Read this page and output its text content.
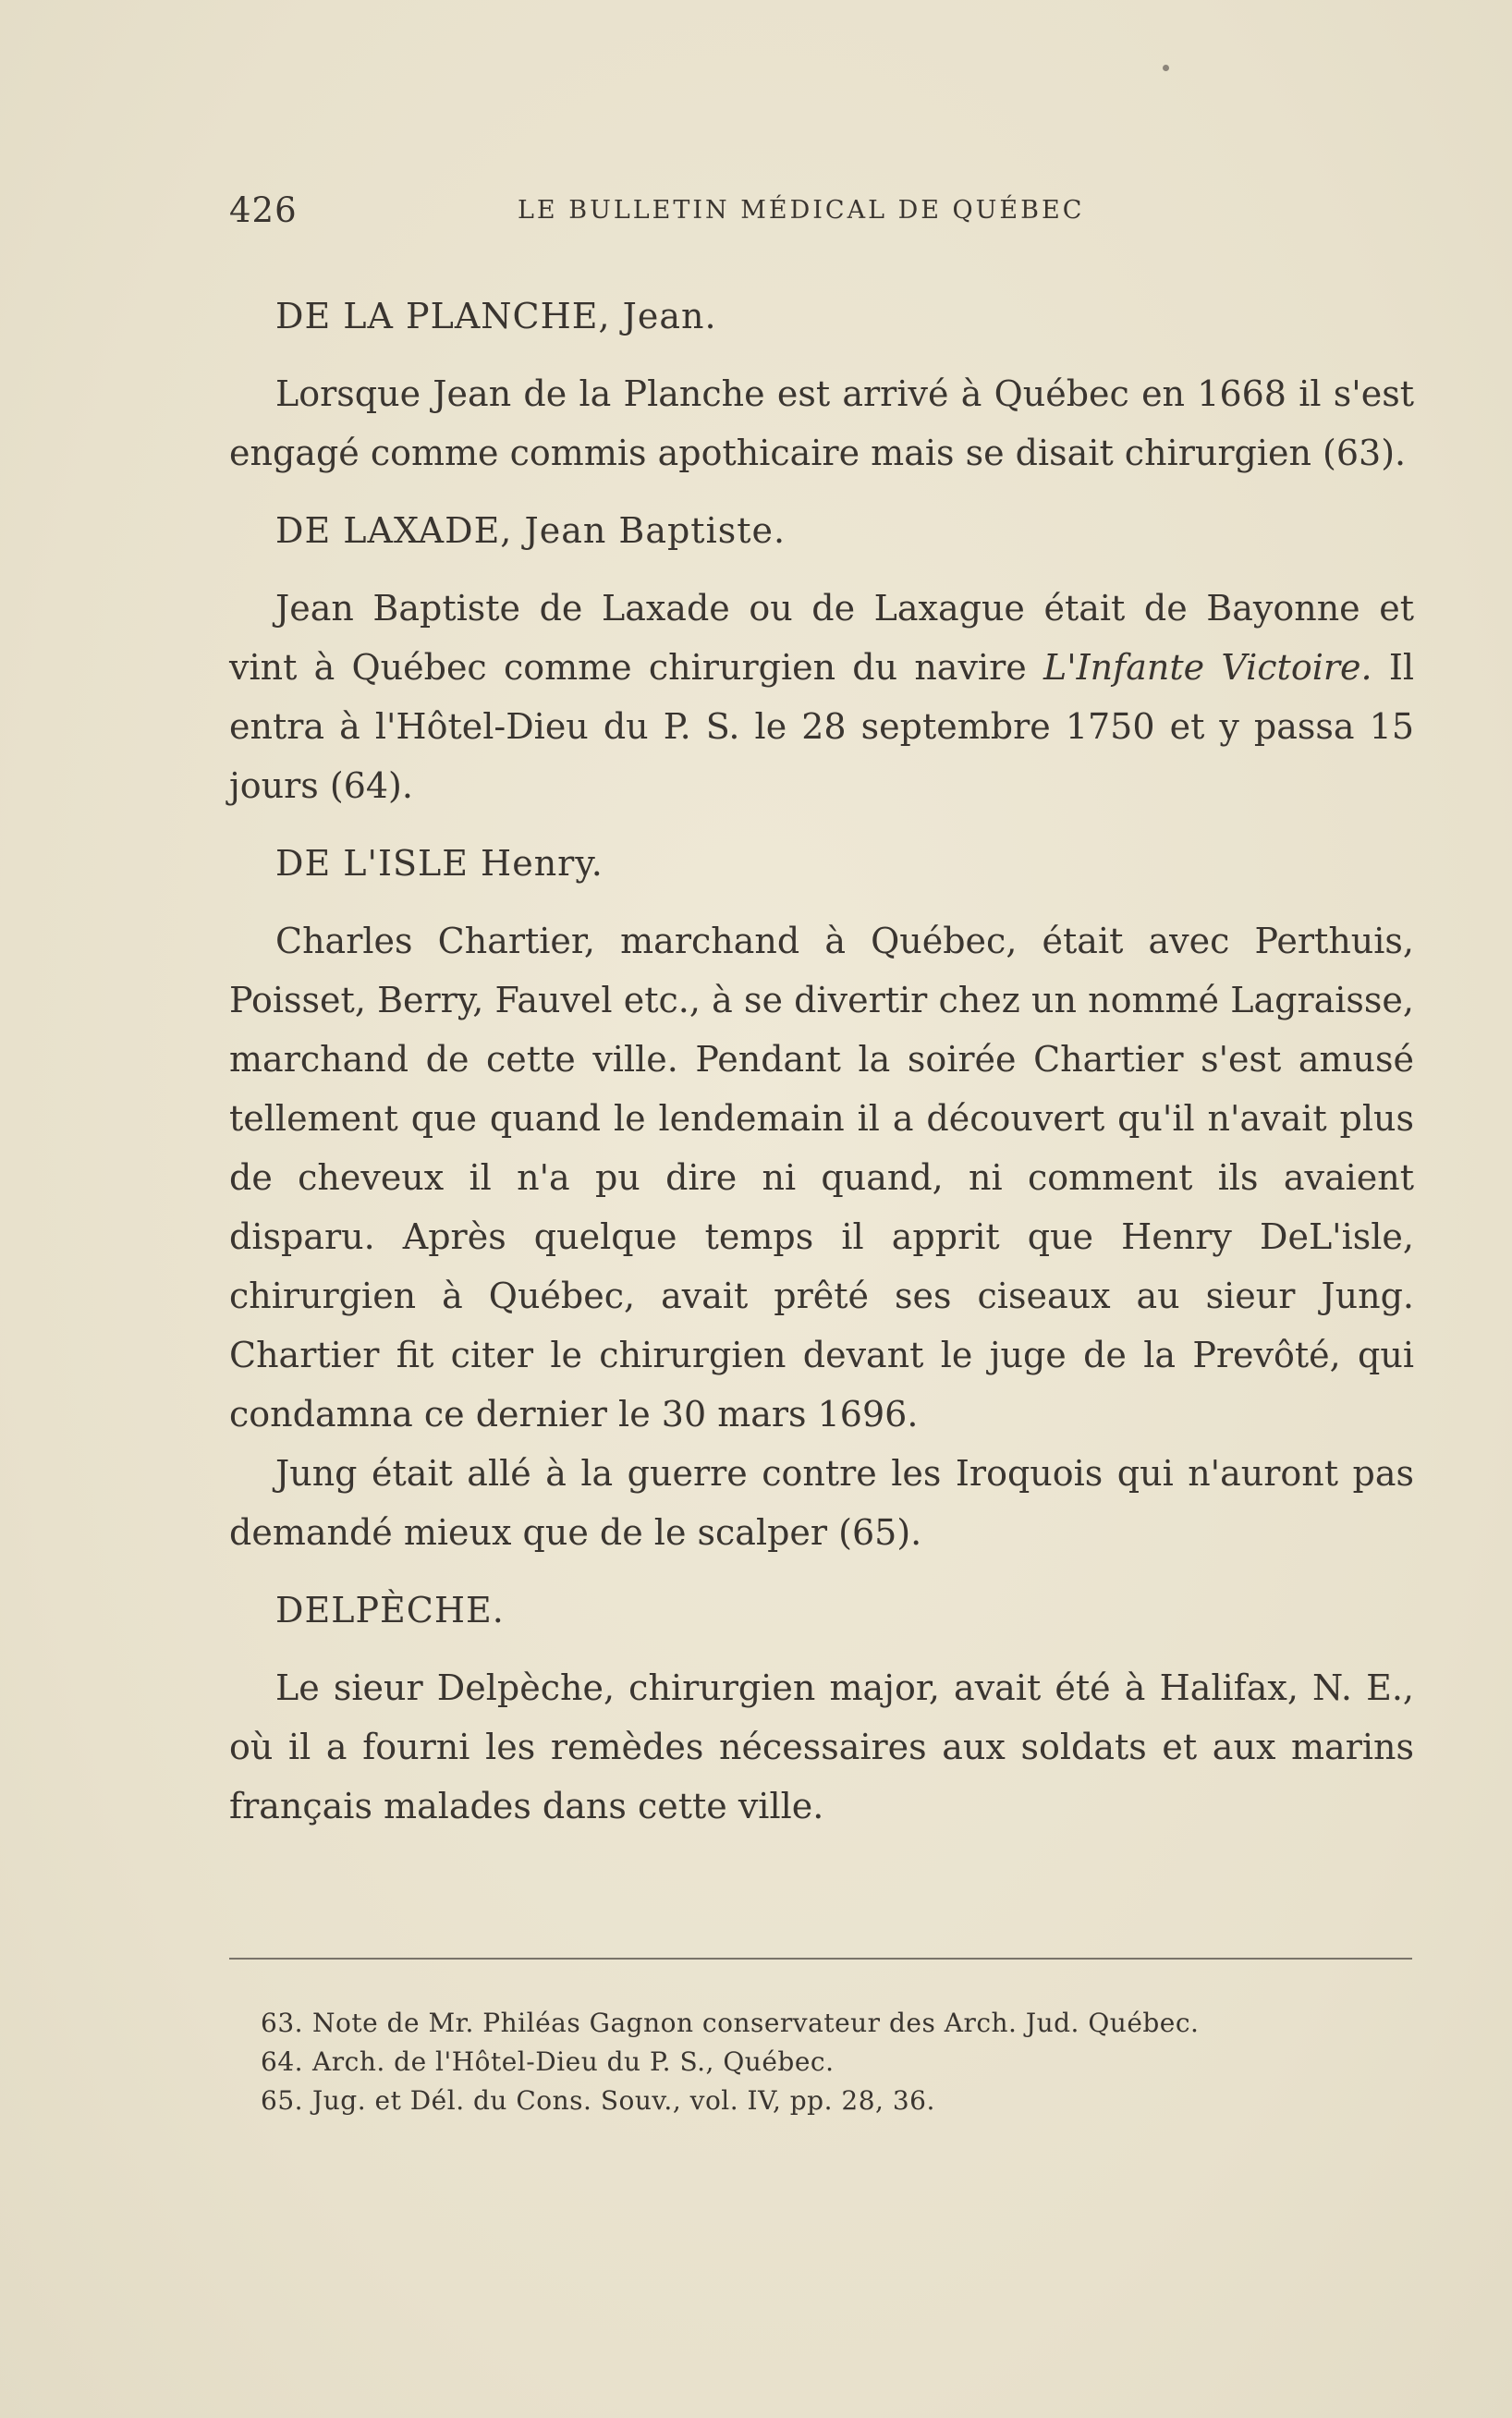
426	LE BULLETIN MÉDICAL DE QUÉBEC
DE LA PLANCHE, Jean.

Lorsque Jean de la Planche est arrivé à Québec en 1668 il s'est engagé comme commis apothicaire mais se disait chirurgien (63).

DE LAXADE, Jean Baptiste.

Jean Baptiste de Laxade ou de Laxague était de Bayonne et vint à Québec comme chirurgien du navire L'Infante Victoire. Il entra à l'Hôtel-Dieu du P. S. le 28 septembre 1750 et y passa 15 jours (64).

DE L'ISLE Henry.

Charles Chartier, marchand à Québec, était avec Perthuis, Poisset, Berry, Fauvel etc., à se divertir chez un nommé Lagraisse, marchand de cette ville. Pendant la soirée Chartier s'est amusé tellement que quand le lendemain il a découvert qu'il n'avait plus de cheveux il n'a pu dire ni quand, ni comment ils avaient disparu. Après quelque temps il apprit que Henry DeL'isle, chirurgien à Québec, avait prêté ses ciseaux au sieur Jung. Chartier fit citer le chirurgien devant le juge de la Prevôté, qui condamna ce dernier le 30 mars 1696.

Jung était allé à la guerre contre les Iroquois qui n'auront pas demandé mieux que de le scalper (65).

DELPÈCHE.

Le sieur Delpèche, chirurgien major, avait été à Halifax, N. E., où il a fourni les remèdes nécessaires aux soldats et aux marins français malades dans cette ville.

63. Note de Mr. Philéas Gagnon conservateur des Arch. Jud. Québec.
64. Arch. de l'Hôtel-Dieu du P. S., Québec.
65. Jug. et Dél. du Cons. Souv., vol. IV, pp. 28, 36.
